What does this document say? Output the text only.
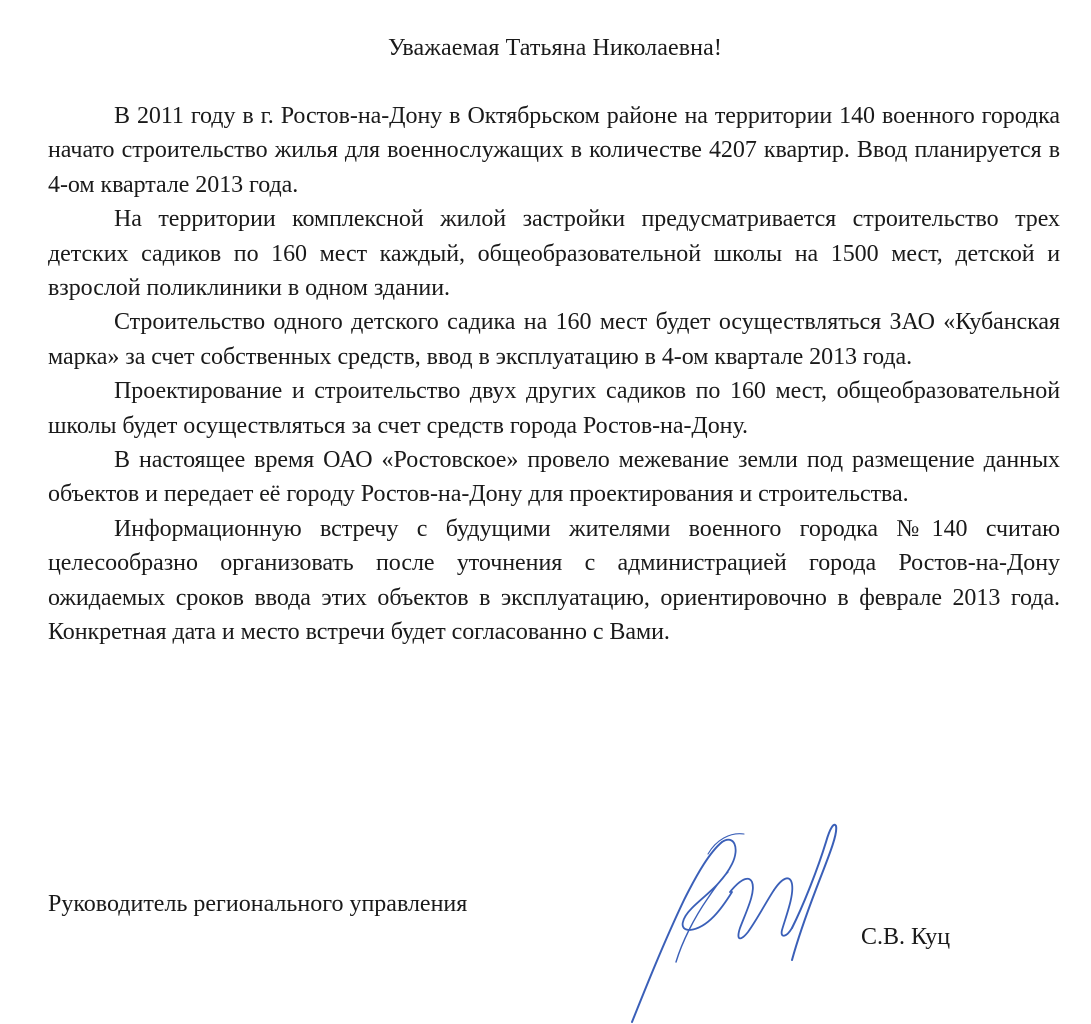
Уважаемая Татьяна Николаевна!

В 2011 году в г. Ростов-на-Дону в Октябрьском районе на территории 140 военного городка начато строительство жилья для военнослужащих в количестве 4207 квартир. Ввод планируется в 4-ом квартале 2013 года.

На территории комплексной жилой застройки предусматривается строительство трех детских садиков по 160 мест каждый, общеобразовательной школы на 1500 мест, детской и взрослой поликлиники в одном здании.

Строительство одного детского садика на 160 мест будет осуществляться ЗАО «Кубанская марка» за счет собственных средств, ввод в эксплуатацию в 4-ом квартале 2013 года.

Проектирование и строительство двух других садиков по 160 мест, общеобразовательной школы будет осуществляться за счет средств города Ростов-на-Дону.

В настоящее время ОАО «Ростовское» провело межевание земли под размещение данных объектов и передает её городу Ростов-на-Дону для проектирования и строительства.

Информационную встречу с будущими жителями военного городка №140 считаю целесообразно организовать после уточнения с администрацией города Ростов-на-Дону ожидаемых сроков ввода этих объектов в эксплуатацию, ориентировочно в феврале 2013 года. Конкретная дата и место встречи будет согласованно с Вами.

Руководитель регионального управления
С.В. Куц
